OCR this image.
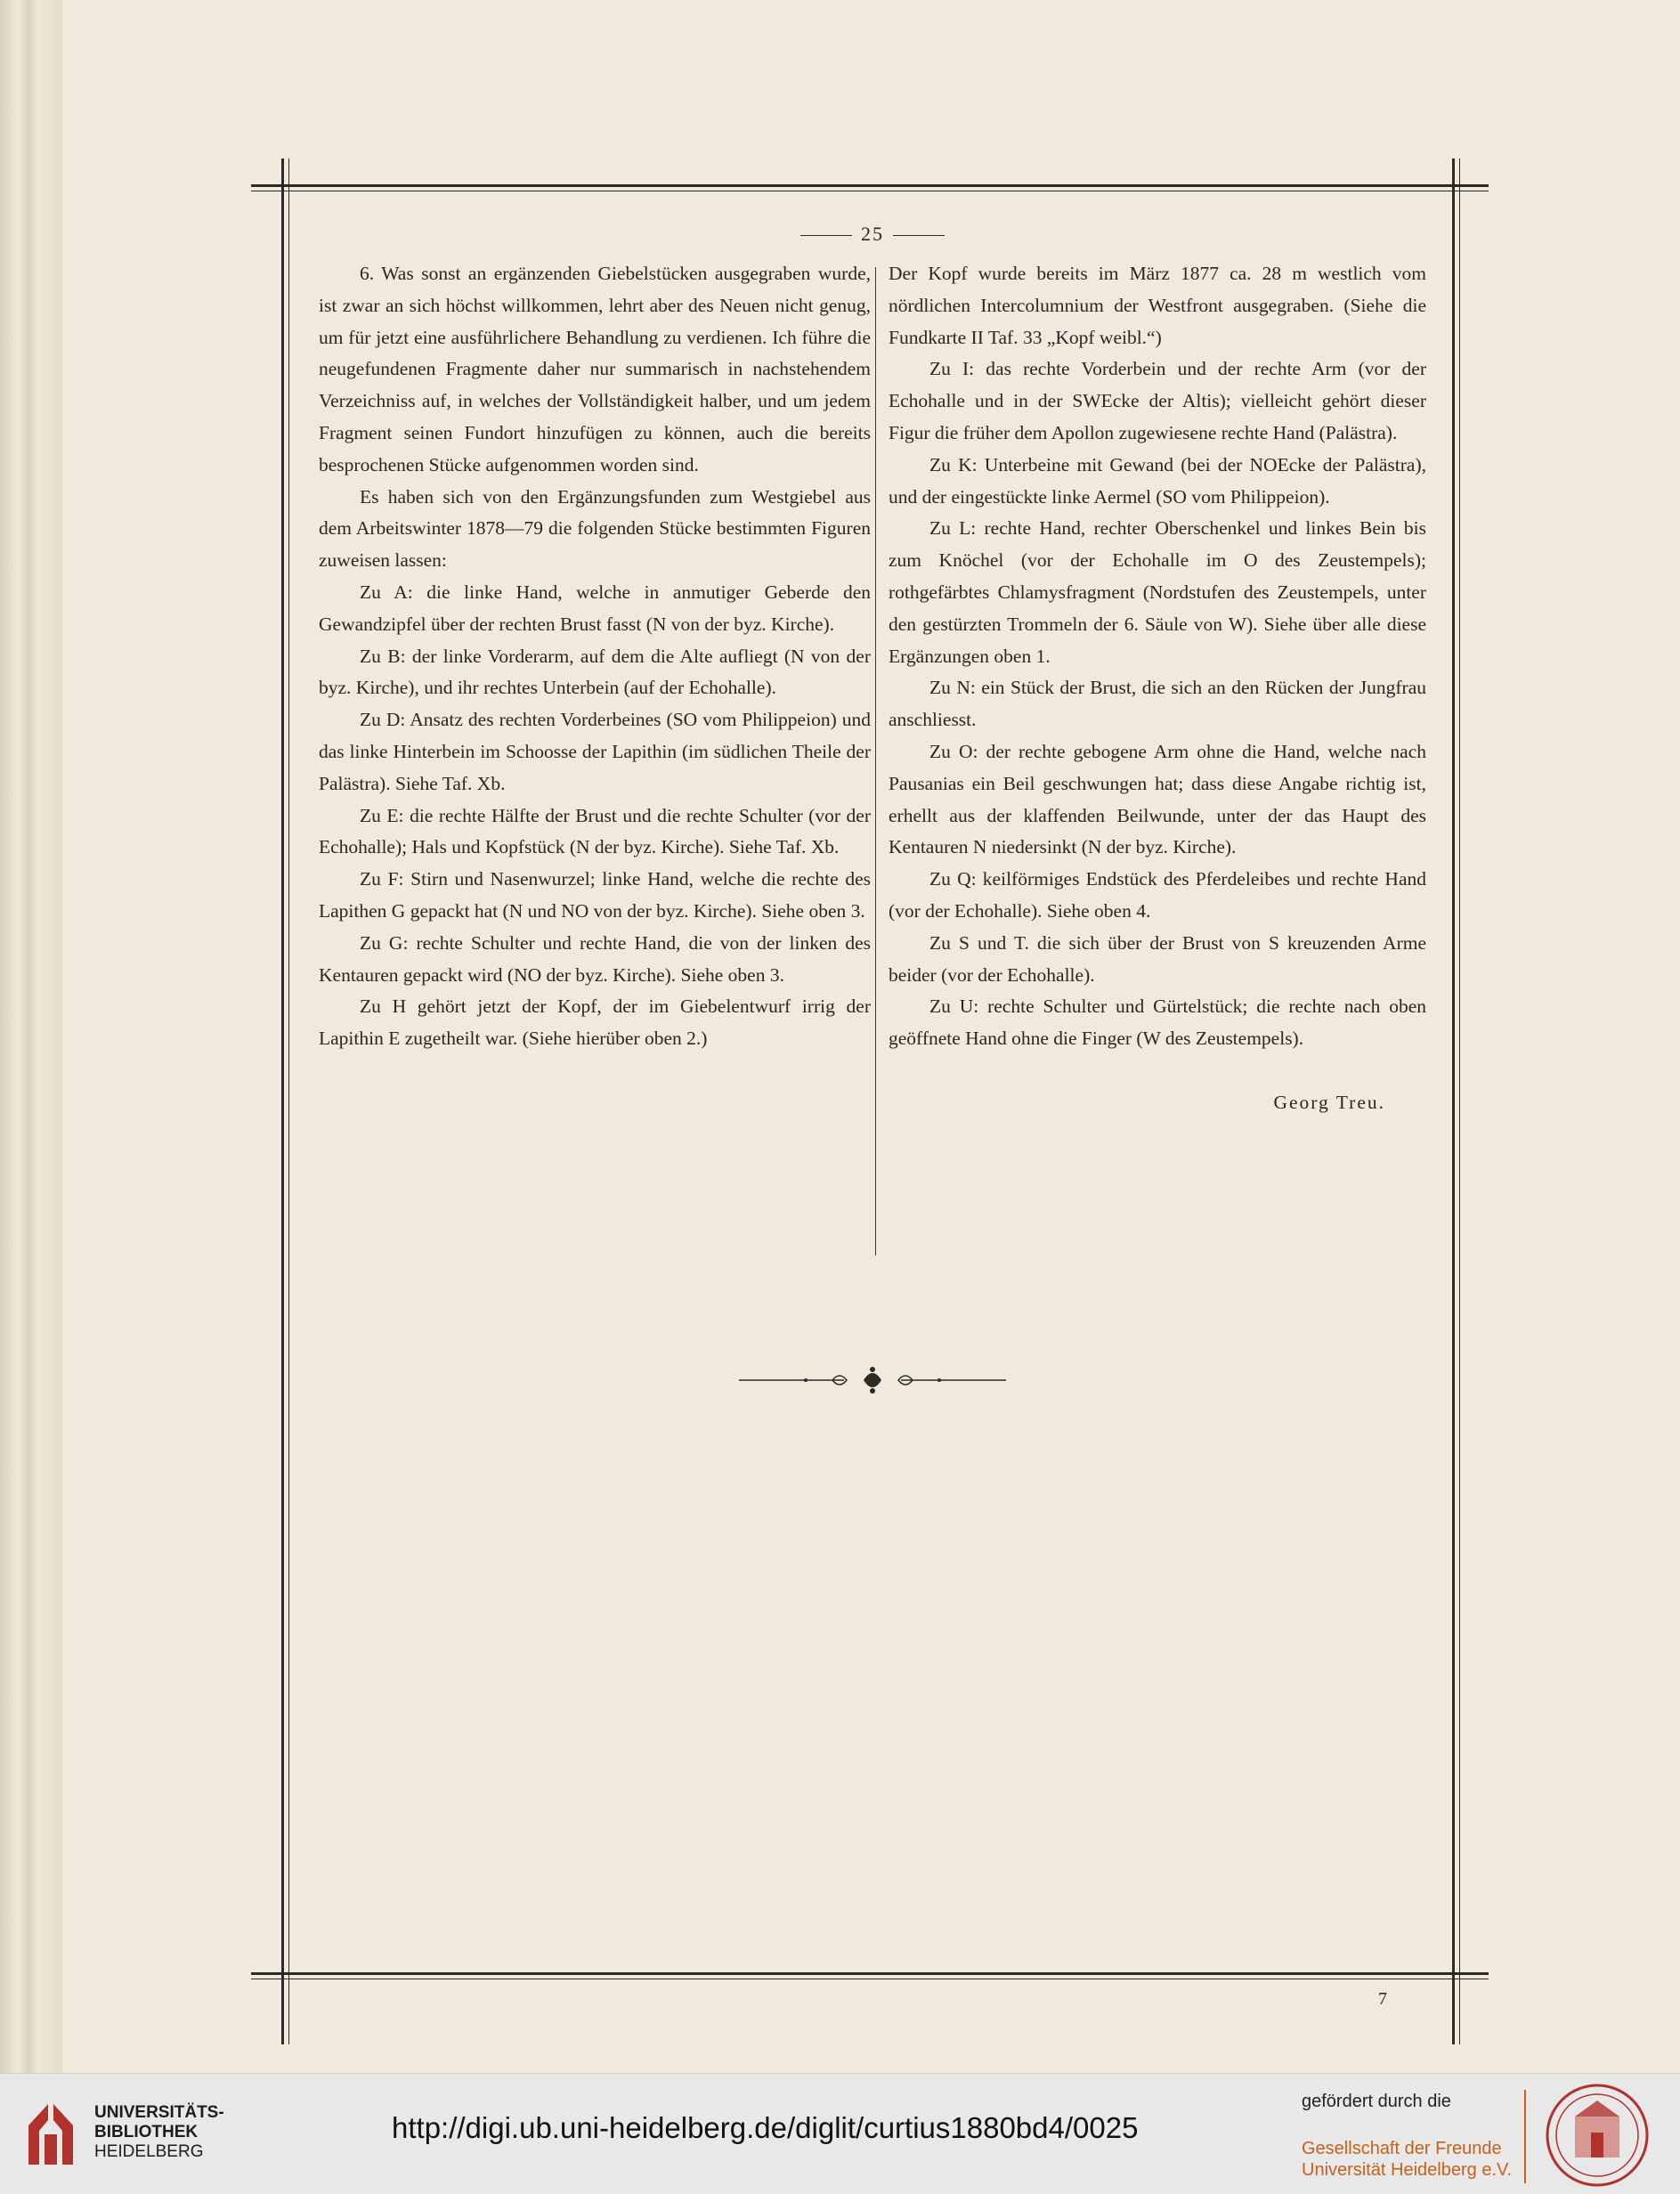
25

6. Was sonst an ergänzenden Giebelstücken ausgegraben wurde, ist zwar an sich höchst willkommen, lehrt aber des Neuen nicht genug, um für jetzt eine ausführlichere Behandlung zu verdienen. Ich führe die neugefundenen Fragmente daher nur summarisch in nachstehendem Verzeichniss auf, in welches der Vollständigkeit halber, und um jedem Fragment seinen Fundort hinzufügen zu können, auch die bereits besprochenen Stücke aufgenommen worden sind.

Es haben sich von den Ergänzungsfunden zum Westgiebel aus dem Arbeitswinter 1878—79 die folgenden Stücke bestimmten Figuren zuweisen lassen:

Zu A: die linke Hand, welche in anmutiger Geberde den Gewandzipfel über der rechten Brust fasst (N von der byz. Kirche).

Zu B: der linke Vorderarm, auf dem die Alte aufliegt (N von der byz. Kirche), und ihr rechtes Unterbein (auf der Echohalle).

Zu D: Ansatz des rechten Vorderbeines (SO vom Philippeion) und das linke Hinterbein im Schoosse der Lapithin (im südlichen Theile der Palästra). Siehe Taf. Xb.

Zu E: die rechte Hälfte der Brust und die rechte Schulter (vor der Echohalle); Hals und Kopfstück (N der byz. Kirche). Siehe Taf. Xb.

Zu F: Stirn und Nasenwurzel; linke Hand, welche die rechte des Lapithen G gepackt hat (N und NO von der byz. Kirche). Siehe oben 3.

Zu G: rechte Schulter und rechte Hand, die von der linken des Kentauren gepackt wird (NO der byz. Kirche). Siehe oben 3.

Zu H gehört jetzt der Kopf, der im Giebelentwurf irrig der Lapithin E zugetheilt war. (Siehe hierüber oben 2.)

Der Kopf wurde bereits im März 1877 ca. 28 m westlich vom nördlichen Intercolumnium der Westfront ausgegraben. (Siehe die Fundkarte II Taf. 33 „Kopf weibl.“)

Zu I: das rechte Vorderbein und der rechte Arm (vor der Echohalle und in der SWEcke der Altis); vielleicht gehört dieser Figur die früher dem Apollon zugewiesene rechte Hand (Palästra).

Zu K: Unterbeine mit Gewand (bei der NOEcke der Palästra), und der eingestückte linke Aermel (SO vom Philippeion).

Zu L: rechte Hand, rechter Oberschenkel und linkes Bein bis zum Knöchel (vor der Echohalle im O des Zeustempels); rothgefärbtes Chlamysfragment (Nordstufen des Zeustempels, unter den gestürzten Trommeln der 6. Säule von W). Siehe über alle diese Ergänzungen oben 1.

Zu N: ein Stück der Brust, die sich an den Rücken der Jungfrau anschliesst.

Zu O: der rechte gebogene Arm ohne die Hand, welche nach Pausanias ein Beil geschwungen hat; dass diese Angabe richtig ist, erhellt aus der klaffenden Beilwunde, unter der das Haupt des Kentauren N niedersinkt (N der byz. Kirche).

Zu Q: keilförmiges Endstück des Pferdeleibes und rechte Hand (vor der Echohalle). Siehe oben 4.

Zu S und T. die sich über der Brust von S kreuzenden Arme beider (vor der Echohalle).

Zu U: rechte Schulter und Gürtelstück; die rechte nach oben geöffnete Hand ohne die Finger (W des Zeustempels).

Georg Treu.

7
UNIVERSITÄTS-
BIBLIOTHEK
HEIDELBERG
http://digi.ub.uni-heidelberg.de/diglit/curtius1880bd4/0025
gefördert durch die
Gesellschaft der Freunde
Universität Heidelberg e.V.
